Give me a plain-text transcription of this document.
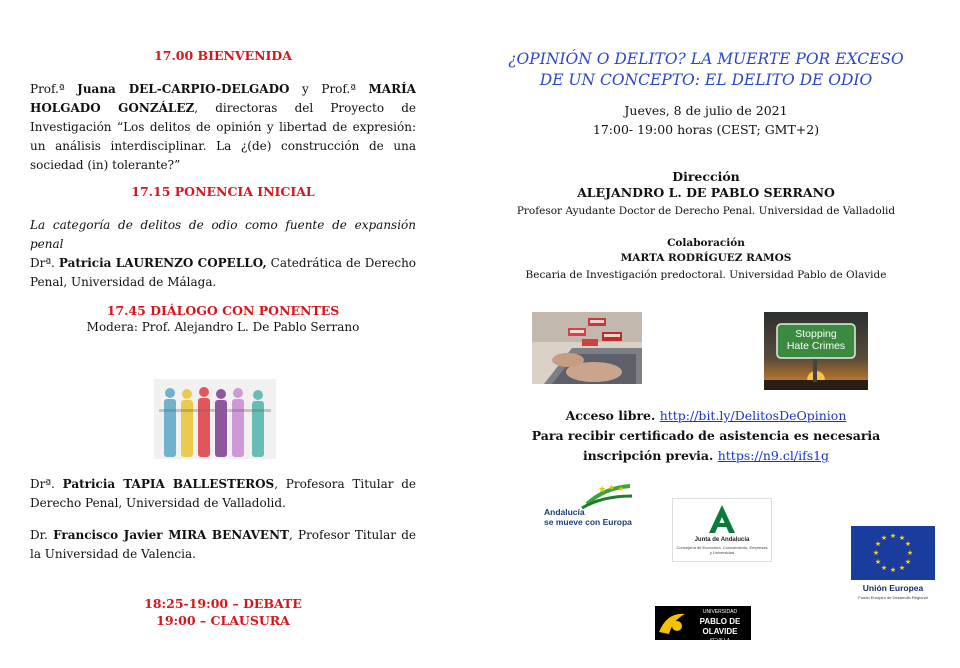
17.00 BIENVENIDA
Prof.ª Juana DEL-CARPIO-DELGADO y Prof.ª MARÍA HOLGADO GONZÁLEZ, directoras del Proyecto de Investigación “Los delitos de opinión y libertad de expresión: un análisis interdisciplinar. La ¿(de) construcción de una sociedad (in) tolerante?”
17.15 PONENCIA INICIAL
La categoría de delitos de odio como fuente de expansión penal
Drª. Patricia LAURENZO COPELLO, Catedrática de Derecho Penal, Universidad de Málaga.
17.45 DIÁLOGO CON PONENTES
Modera: Prof. Alejandro L. De Pablo Serrano
Drª. Patricia TAPIA BALLESTEROS, Profesora Titular de Derecho Penal, Universidad de Valladolid.
Dr. Francisco Javier MIRA BENAVENT, Profesor Titular de la Universidad de Valencia.
18:25-19:00 – DEBATE
19:00 – CLAUSURA
¿OPINIÓN O DELITO? LA MUERTE POR EXCESO
DE UN CONCEPTO: EL DELITO DE ODIO
Jueves, 8 de julio de 2021
17:00- 19:00 horas (CEST; GMT+2)
Dirección
ALEJANDRO L. DE PABLO SERRANO
Profesor Ayudante Doctor de Derecho Penal. Universidad de Valladolid
Colaboración
MARTA RODRÍGUEZ RAMOS
Becaria de Investigación predoctoral. Universidad Pablo de Olavide
Stopping
Hate Crimes
Acceso libre. http://bit.ly/DelitosDeOpinion
Para recibir certificado de asistencia es necesaria inscripción previa. https://n9.cl/ifs1g
★ ★ ★
Andalucía
se mueve con Europa
Junta de Andalucía
Consejería de Economía, Conocimiento, Empresas y Universidad
★ ★
★
★
★
★
★
★
★
★
★
★
Unión Europea
Fondo Europeo de Desarrollo Regional
UNIVERSIDAD
PABLO DE OLAVIDE
SEVILLA
